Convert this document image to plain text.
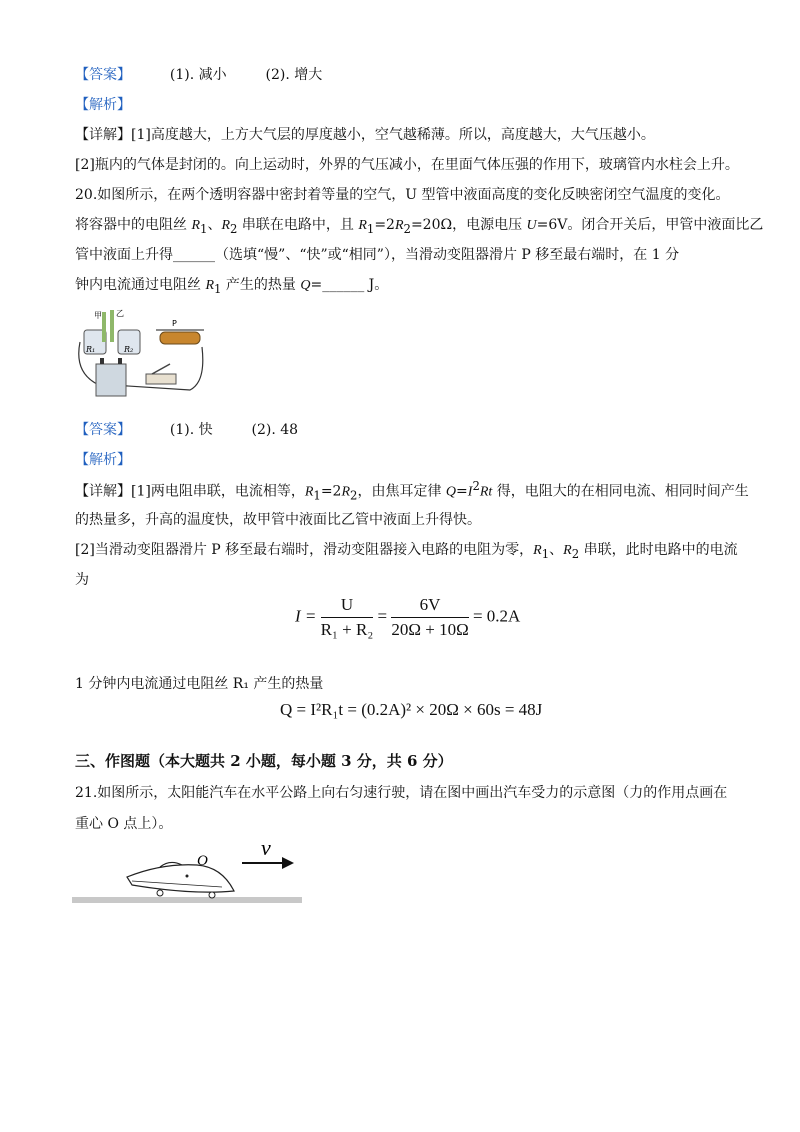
【答案】	(1). 减小	(2). 增大
【解析】
【详解】[1]高度越大，上方大气层的厚度越小，空气越稀薄。所以，高度越大，大气压越小。
[2]瓶内的气体是封闭的。向上运动时，外界的气压减小，在里面气体压强的作用下，玻璃管内水柱会上升。
20.如图所示，在两个透明容器中密封着等量的空气，U 型管中液面高度的变化反映密闭空气温度的变化。
将容器中的电阻丝 $R_1$、$R_2$ 串联在电路中，且 $R_1=2R_2=20\Omega$，电源电压 U=6V。闭合开关后，甲管中液面比乙
管中液面上升得______（选填“慢”、“快”或“相同”），当滑动变阻器滑片 P 移至最右端时，在 1 分
钟内电流通过电阻丝 $R_1$ 产生的热量 Q=______ J。
甲 乙
R₁	R₂
P
【答案】	(1). 快	(2). 48
【解析】
【详解】[1]两电阻串联，电流相等，$R_1=2R_2$，由焦耳定律 $Q=I^2Rt$ 得，电阻大的在相同电流、相同时间产生
的热量多，升高的温度快，故甲管中液面比乙管中液面上升得快。
[2]当滑动变阻器滑片 P 移至最右端时，滑动变阻器接入电路的电阻为零，$R_1$、$R_2$ 串联，此时电路中的电流
为
$I = \frac{U}{\text{R₁ + R₂}} = \frac{6V}{20\Omega + 10\Omega} = 0.2A$
1 分钟内电流通过电阻丝 R₁ 产生的热量
Q = I²R₁t = (0.2A)² × 20Ω × 60s = 48J
三、作图题（本大题共 2 小题，每小题 3 分，共 6 分）
21.如图所示，太阳能汽车在水平公路上向右匀速行驶，请在图中画出汽车受力的示意图（力的作用点画在
重心 O 点上）。
O
v
